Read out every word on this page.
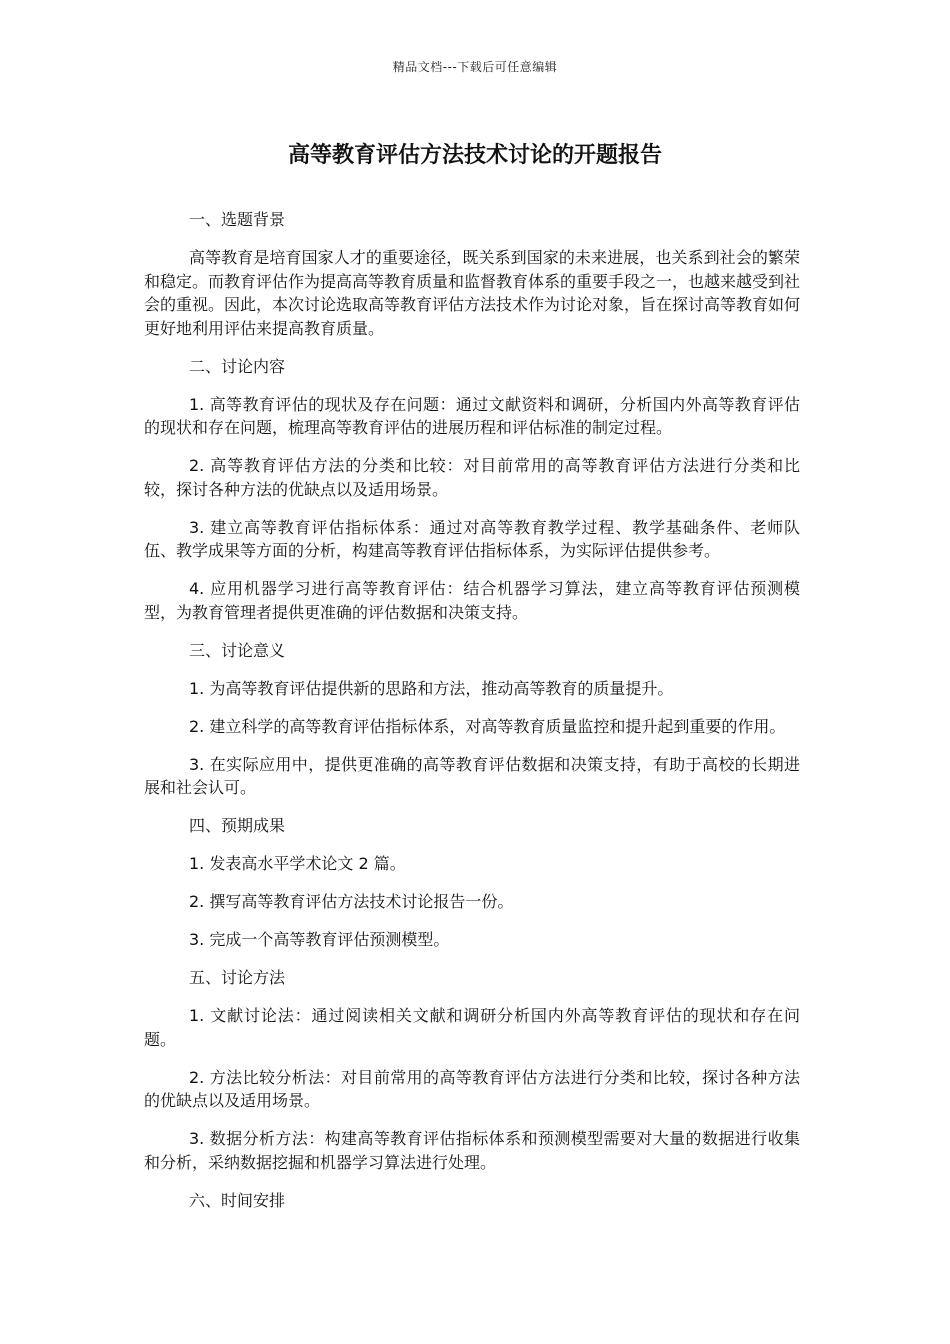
精品文档---下载后可任意编辑
高等教育评估方法技术讨论的开题报告
一、选题背景

高等教育是培育国家人才的重要途径，既关系到国家的未来进展，也关系到社会的繁荣和稳定。而教育评估作为提高高等教育质量和监督教育体系的重要手段之一，也越来越受到社会的重视。因此，本次讨论选取高等教育评估方法技术作为讨论对象，旨在探讨高等教育如何更好地利用评估来提高教育质量。

二、讨论内容

1. 高等教育评估的现状及存在问题：通过文献资料和调研，分析国内外高等教育评估的现状和存在问题，梳理高等教育评估的进展历程和评估标准的制定过程。

2. 高等教育评估方法的分类和比较：对目前常用的高等教育评估方法进行分类和比较，探讨各种方法的优缺点以及适用场景。

3. 建立高等教育评估指标体系：通过对高等教育教学过程、教学基础条件、老师队伍、教学成果等方面的分析，构建高等教育评估指标体系，为实际评估提供参考。

4. 应用机器学习进行高等教育评估：结合机器学习算法，建立高等教育评估预测模型，为教育管理者提供更准确的评估数据和决策支持。

三、讨论意义

1. 为高等教育评估提供新的思路和方法，推动高等教育的质量提升。

2. 建立科学的高等教育评估指标体系，对高等教育质量监控和提升起到重要的作用。

3. 在实际应用中，提供更准确的高等教育评估数据和决策支持，有助于高校的长期进展和社会认可。

四、预期成果

1. 发表高水平学术论文 2 篇。

2. 撰写高等教育评估方法技术讨论报告一份。

3. 完成一个高等教育评估预测模型。

五、讨论方法

1. 文献讨论法：通过阅读相关文献和调研分析国内外高等教育评估的现状和存在问题。

2. 方法比较分析法：对目前常用的高等教育评估方法进行分类和比较，探讨各种方法的优缺点以及适用场景。

3. 数据分析方法：构建高等教育评估指标体系和预测模型需要对大量的数据进行收集和分析，采纳数据挖掘和机器学习算法进行处理。

六、时间安排
